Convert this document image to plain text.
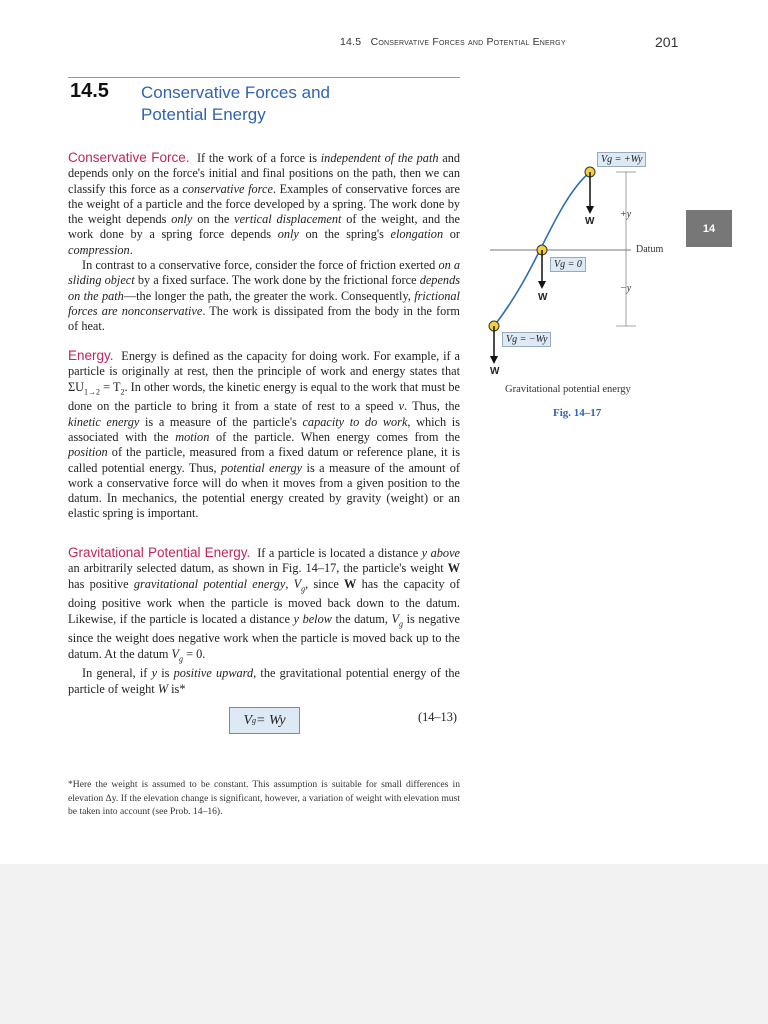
14.5 Conservative Forces and Potential Energy	201
14
14.5 Conservative Forces and
Potential Energy

Conservative Force.  If the work of a force is independent of the path and depends only on the force's initial and final positions on the path, then we can classify this force as a conservative force. Examples of conservative forces are the weight of a particle and the force developed by a spring. The work done by the weight depends only on the vertical displacement of the weight, and the work done by a spring force depends only on the spring's elongation or compression.

In contrast to a conservative force, consider the force of friction exerted on a sliding object by a fixed surface. The work done by the frictional force depends on the path—the longer the path, the greater the work. Consequently, frictional forces are nonconservative. The work is dissipated from the body in the form of heat.

Energy.  Energy is defined as the capacity for doing work. For example, if a particle is originally at rest, then the principle of work and energy states that $\Sigma U_{1\to 2} = T_2$. In other words, the kinetic energy is equal to the work that must be done on the particle to bring it from a state of rest to a speed v. Thus, the kinetic energy is a measure of the particle's capacity to do work, which is associated with the motion of the particle. When energy comes from the position of the particle, measured from a fixed datum or reference plane, it is called potential energy. Thus, potential energy is a measure of the amount of work a conservative force will do when it moves from a given position to the datum. In mechanics, the potential energy created by gravity (weight) or an elastic spring is important.

Gravitational Potential Energy.  If a particle is located a distance y above an arbitrarily selected datum, as shown in Fig. 14–17, the particle's weight W has positive gravitational potential energy, $V_g$, since W has the capacity of doing positive work when the particle is moved back down to the datum. Likewise, if the particle is located a distance y below the datum, $V_g$ is negative since the weight does negative work when the particle is moved back up to the datum. At the datum $V_g = 0$.

In general, if y is positive upward, the gravitational potential energy of the particle of weight W is*

V g = Wy	(14–13)
*Here the weight is assumed to be constant. This assumption is suitable for small differences in elevation Δy. If the elevation change is significant, however, a variation of weight with elevation must be taken into account (see Prob. 14–16).
Vg = +Wy
Vg = 0
Vg = −Wy
W
W
W
+y
−y
Datum
Gravitational potential energy
Fig. 14–17
